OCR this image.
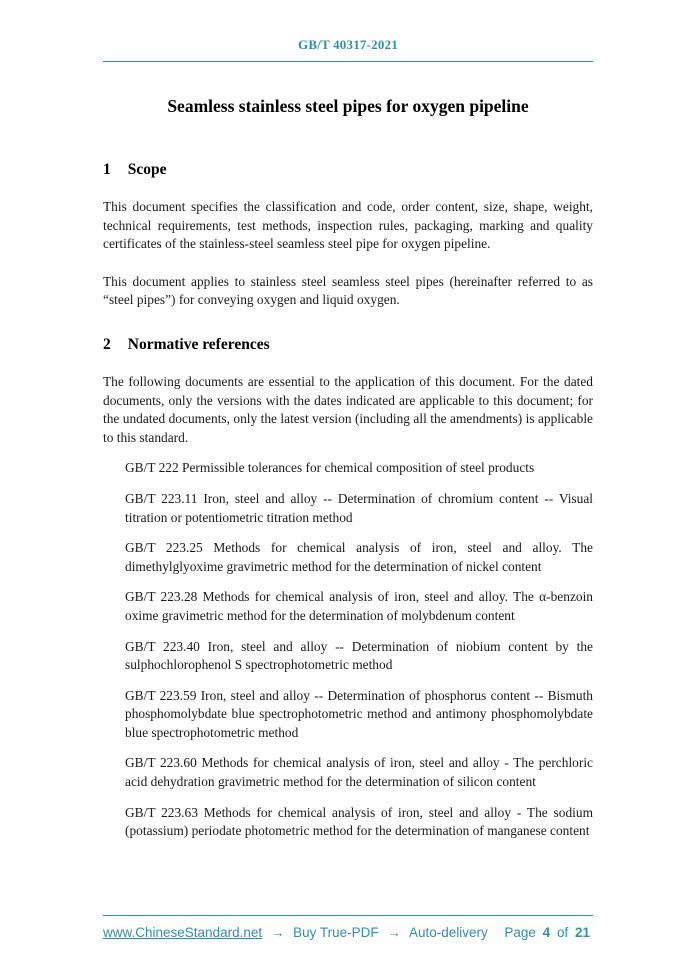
GB/T 40317-2021
Seamless stainless steel pipes for oxygen pipeline
1 Scope

This document specifies the classification and code, order content, size, shape, weight, technical requirements, test methods, inspection rules, packaging, marking and quality certificates of the stainless-steel seamless steel pipe for oxygen pipeline.

This document applies to stainless steel seamless steel pipes (hereinafter referred to as “steel pipes”) for conveying oxygen and liquid oxygen.

2 Normative references

The following documents are essential to the application of this document. For the dated documents, only the versions with the dates indicated are applicable to this document; for the undated documents, only the latest version (including all the amendments) is applicable to this standard.

GB/T 222 Permissible tolerances for chemical composition of steel products

GB/T 223.11 Iron, steel and alloy -- Determination of chromium content -- Visual titration or potentiometric titration method

GB/T 223.25 Methods for chemical analysis of iron, steel and alloy. The dimethylglyoxime gravimetric method for the determination of nickel content

GB/T 223.28 Methods for chemical analysis of iron, steel and alloy. The α-benzoin oxime gravimetric method for the determination of molybdenum content

GB/T 223.40 Iron, steel and alloy -- Determination of niobium content by the sulphochlorophenol S spectrophotometric method

GB/T 223.59 Iron, steel and alloy -- Determination of phosphorus content -- Bismuth phosphomolybdate blue spectrophotometric method and antimony phosphomolybdate blue spectrophotometric method

GB/T 223.60 Methods for chemical analysis of iron, steel and alloy - The perchloric acid dehydration gravimetric method for the determination of silicon content

GB/T 223.63 Methods for chemical analysis of iron, steel and alloy - The sodium (potassium) periodate photometric method for the determination of manganese content

www.ChineseStandard.net → Buy True-PDF → Auto-delivery Page 4 of 21
